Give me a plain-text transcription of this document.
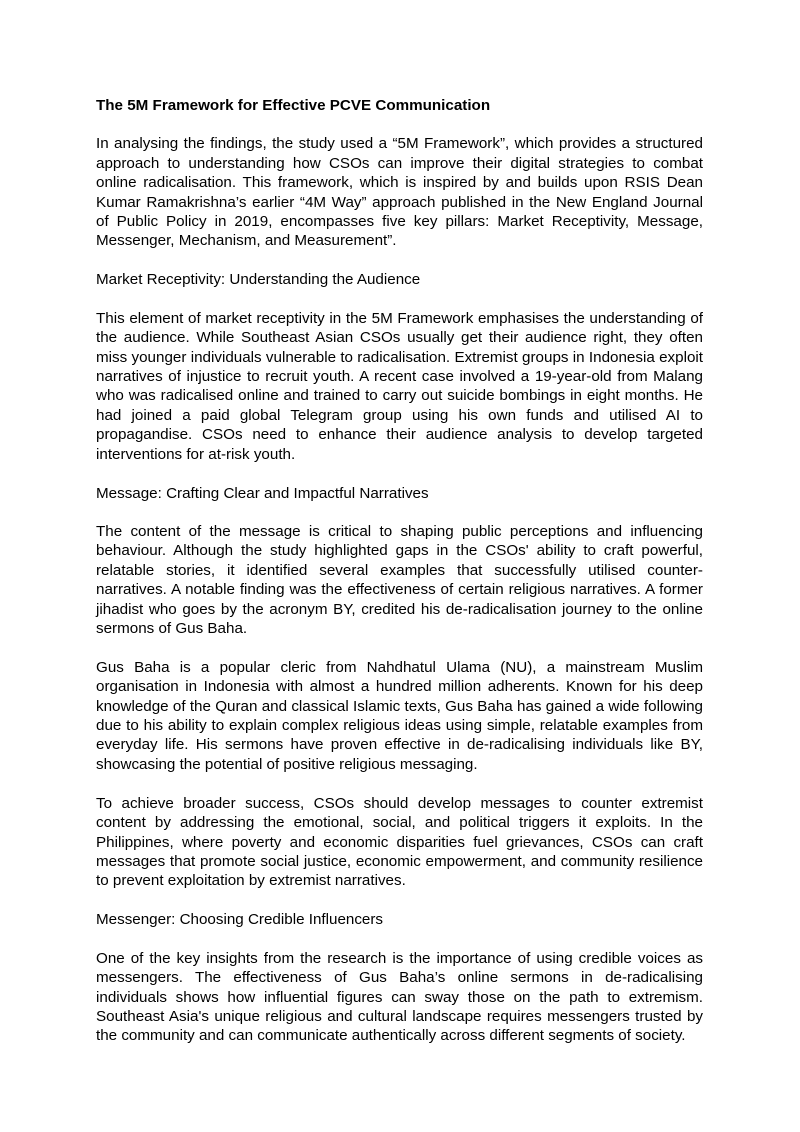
The 5M Framework for Effective PCVE Communication

In analysing the findings, the study used a “5M Framework”, which provides a structured approach to understanding how CSOs can improve their digital strategies to combat online radicalisation. This framework, which is inspired by and builds upon RSIS Dean Kumar Ramakrishna’s earlier “4M Way” approach published in the New England Journal of Public Policy in 2019, encompasses five key pillars: Market Receptivity, Message, Messenger, Mechanism, and Measurement”.

Market Receptivity: Understanding the Audience

This element of market receptivity in the 5M Framework emphasises the understanding of the audience. While Southeast Asian CSOs usually get their audience right, they often miss younger individuals vulnerable to radicalisation. Extremist groups in Indonesia exploit narratives of injustice to recruit youth. A recent case involved a 19-year-old from Malang who was radicalised online and trained to carry out suicide bombings in eight months. He had joined a paid global Telegram group using his own funds and utilised AI to propagandise. CSOs need to enhance their audience analysis to develop targeted interventions for at-risk youth.

Message: Crafting Clear and Impactful Narratives

The content of the message is critical to shaping public perceptions and influencing behaviour. Although the study highlighted gaps in the CSOs' ability to craft powerful, relatable stories, it identified several examples that successfully utilised counter-narratives. A notable finding was the effectiveness of certain religious narratives. A former jihadist who goes by the acronym BY, credited his de-radicalisation journey to the online sermons of Gus Baha.

Gus Baha is a popular cleric from Nahdhatul Ulama (NU), a mainstream Muslim organisation in Indonesia with almost a hundred million adherents. Known for his deep knowledge of the Quran and classical Islamic texts, Gus Baha has gained a wide following due to his ability to explain complex religious ideas using simple, relatable examples from everyday life. His sermons have proven effective in de-radicalising individuals like BY, showcasing the potential of positive religious messaging.

To achieve broader success, CSOs should develop messages to counter extremist content by addressing the emotional, social, and political triggers it exploits. In the Philippines, where poverty and economic disparities fuel grievances, CSOs can craft messages that promote social justice, economic empowerment, and community resilience to prevent exploitation by extremist narratives.

Messenger: Choosing Credible Influencers

One of the key insights from the research is the importance of using credible voices as messengers. The effectiveness of Gus Baha’s online sermons in de-radicalising individuals shows how influential figures can sway those on the path to extremism. Southeast Asia's unique religious and cultural landscape requires messengers trusted by the community and can communicate authentically across different segments of society.
